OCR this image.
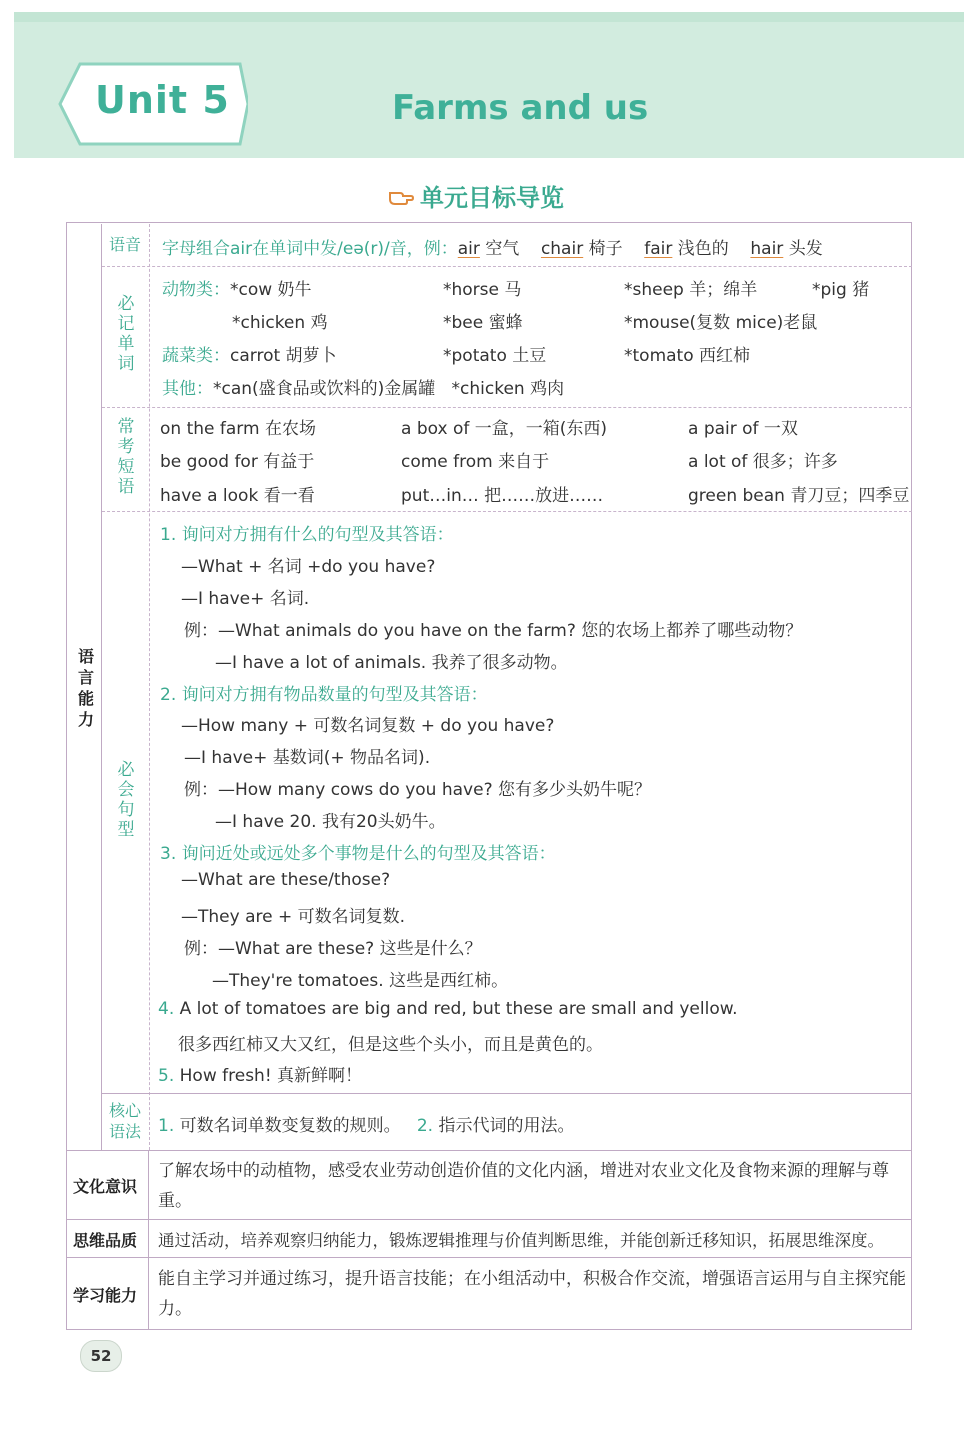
Unit 5	Farms and us
单元目标导览
语言能力
语音 字母组合air在单词中发/eə(r)/音，例：air 空气 chair 椅子 fair 浅色的 hair 头发
必记单词
动物类：*cow 奶牛	*horse 马	*sheep 羊；绵羊	*pig 猪
*chicken 鸡	*bee 蜜蜂	*mouse(复数 mice)老鼠
蔬菜类：carrot 胡萝卜	*potato 土豆	*tomato 西红柿
其他：*can(盛食品或饮料的)金属罐 *chicken 鸡肉
常考短语
on the farm 在农场	a box of 一盒，一箱(东西)	a pair of 一双
be good for 有益于	come from 来自于	a lot of 很多；许多
have a look 看一看	put…in… 把……放进……	green bean 青刀豆；四季豆
必会句型
1. 询问对方拥有什么的句型及其答语：
—What + 名词 +do you have?
—I have+ 名词.
例：—What animals do you have on the farm? 您的农场上都养了哪些动物？
—I have a lot of animals. 我养了很多动物。
2. 询问对方拥有物品数量的句型及其答语：
—How many + 可数名词复数 + do you have?
—I have+ 基数词(+ 物品名词).
例：—How many cows do you have? 您有多少头奶牛呢？
—I have 20. 我有20头奶牛。
3. 询问近处或远处多个事物是什么的句型及其答语：
—What are these/those?
—They are + 可数名词复数.
例：—What are these? 这些是什么？
—They're tomatoes. 这些是西红柿。
4. A lot of tomatoes are big and red, but these are small and yellow.
很多西红柿又大又红，但是这些个头小，而且是黄色的。
5. How fresh! 真新鲜啊！
核心语法 1. 可数名词单数变复数的规则。 2. 指示代词的用法。
文化意识
了解农场中的动植物，感受农业劳动创造价值的文化内涵，增进对农业文化及食物来源的理解与尊重。
思维品质 通过活动，培养观察归纳能力，锻炼逻辑推理与价值判断思维，并能创新迁移知识，拓展思维深度。
学习能力
能自主学习并通过练习，提升语言技能；在小组活动中，积极合作交流，增强语言运用与自主探究能力。
52
